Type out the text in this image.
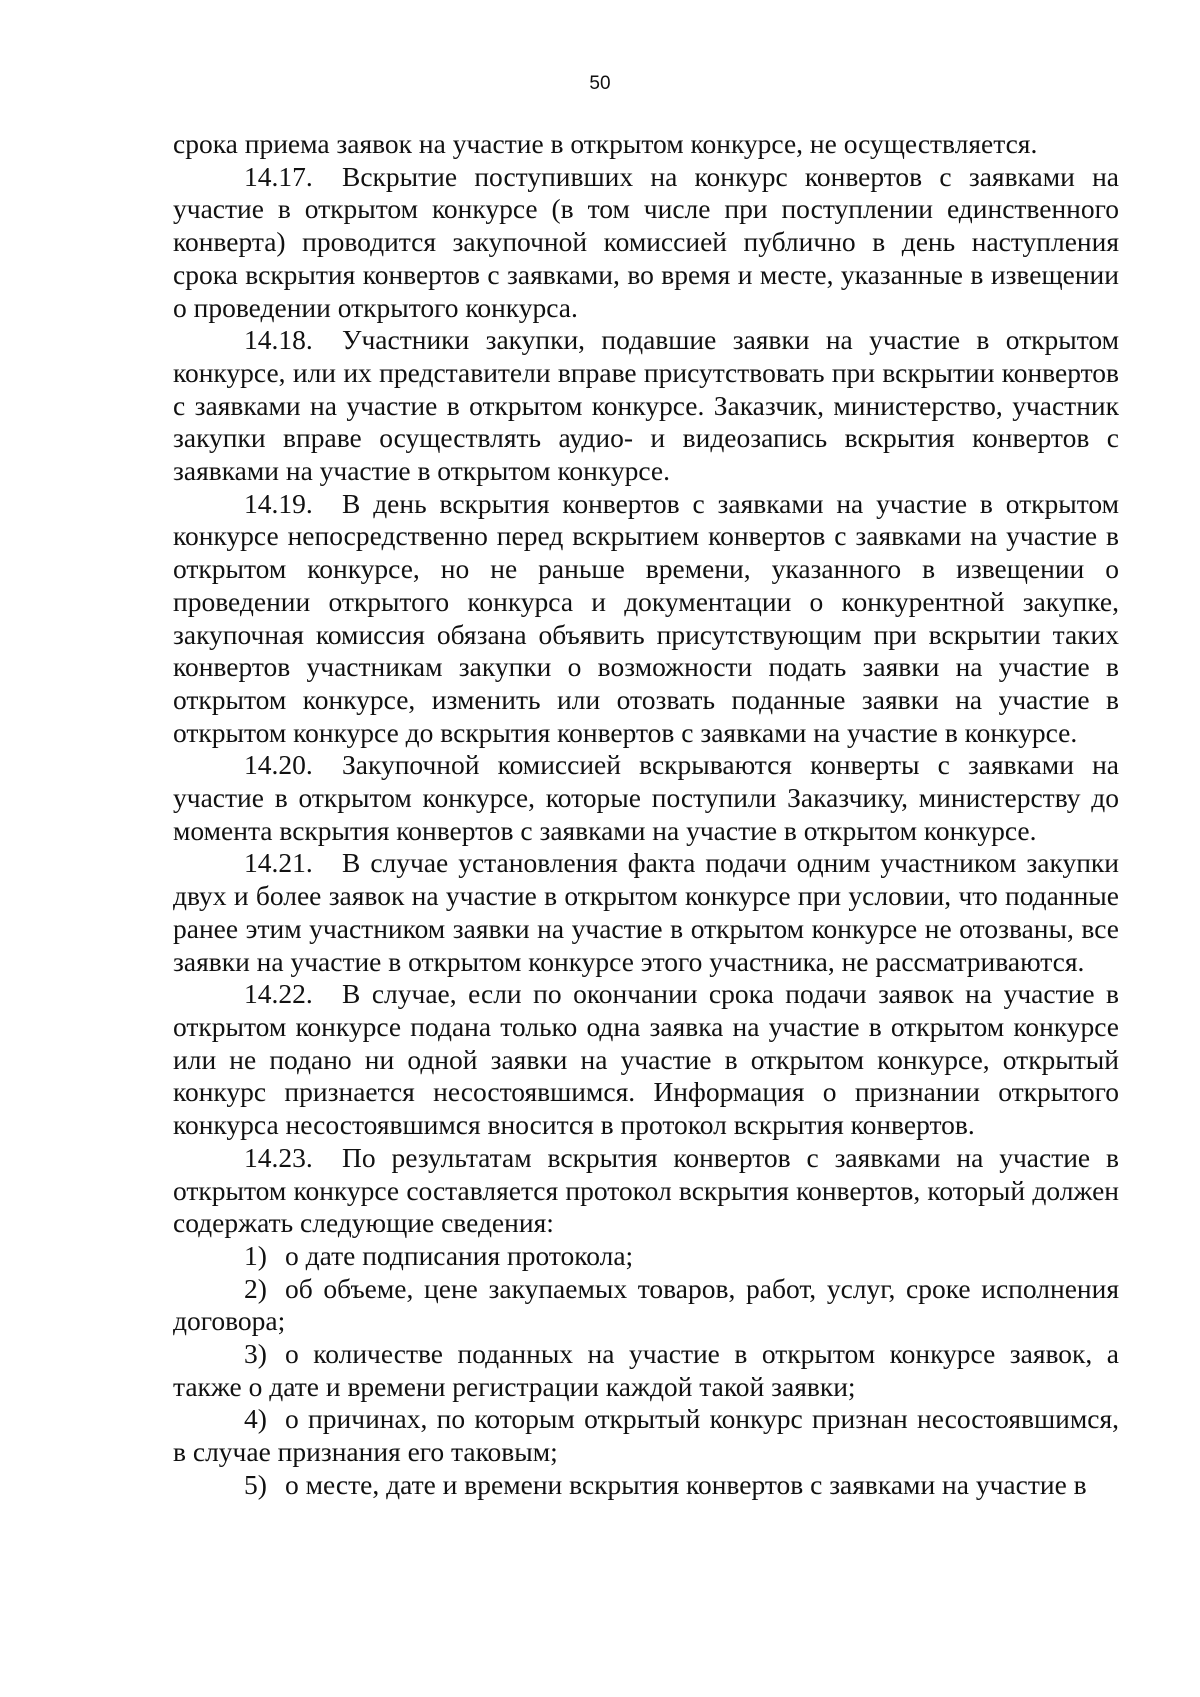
50

срока приема заявок на участие в открытом конкурсе, не осуществляется.

14.17. Вскрытие поступивших на конкурс конвертов с заявками на участие в открытом конкурсе (в том числе при поступлении единственного конверта) проводится закупочной комиссией публично в день наступления срока вскрытия конвертов с заявками, во время и месте, указанные в извещении о проведении открытого конкурса.

14.18. Участники закупки, подавшие заявки на участие в открытом конкурсе, или их представители вправе присутствовать при вскрытии конвертов с заявками на участие в открытом конкурсе. Заказчик, министерство, участник закупки вправе осуществлять аудио- и видеозапись вскрытия конвертов с заявками на участие в открытом конкурсе.

14.19. В день вскрытия конвертов с заявками на участие в открытом конкурсе непосредственно перед вскрытием конвертов с заявками на участие в открытом конкурсе, но не раньше времени, указанного в извещении о проведении открытого конкурса и документации о конкурентной закупке, закупочная комиссия обязана объявить присутствующим при вскрытии таких конвертов участникам закупки о возможности подать заявки на участие в открытом конкурсе, изменить или отозвать поданные заявки на участие в открытом конкурсе до вскрытия конвертов с заявками на участие в конкурсе.

14.20. Закупочной комиссией вскрываются конверты с заявками на участие в открытом конкурсе, которые поступили Заказчику, министерству до момента вскрытия конвертов с заявками на участие в открытом конкурсе.

14.21. В случае установления факта подачи одним участником закупки двух и более заявок на участие в открытом конкурсе при условии, что поданные ранее этим участником заявки на участие в открытом конкурсе не отозваны, все заявки на участие в открытом конкурсе этого участника, не рассматриваются.

14.22. В случае, если по окончании срока подачи заявок на участие в открытом конкурсе подана только одна заявка на участие в открытом конкурсе или не подано ни одной заявки на участие в открытом конкурсе, открытый конкурс признается несостоявшимся. Информация о признании открытого конкурса несостоявшимся вносится в протокол вскрытия конвертов.

14.23. По результатам вскрытия конвертов с заявками на участие в открытом конкурсе составляется протокол вскрытия конвертов, который должен содержать следующие сведения:

1) о дате подписания протокола;

2) об объеме, цене закупаемых товаров, работ, услуг, сроке исполнения договора;

3) о количестве поданных на участие в открытом конкурсе заявок, а также о дате и времени регистрации каждой такой заявки;

4) о причинах, по которым открытый конкурс признан несостоявшимся, в случае признания его таковым;

5) о месте, дате и времени вскрытия конвертов с заявками на участие в
